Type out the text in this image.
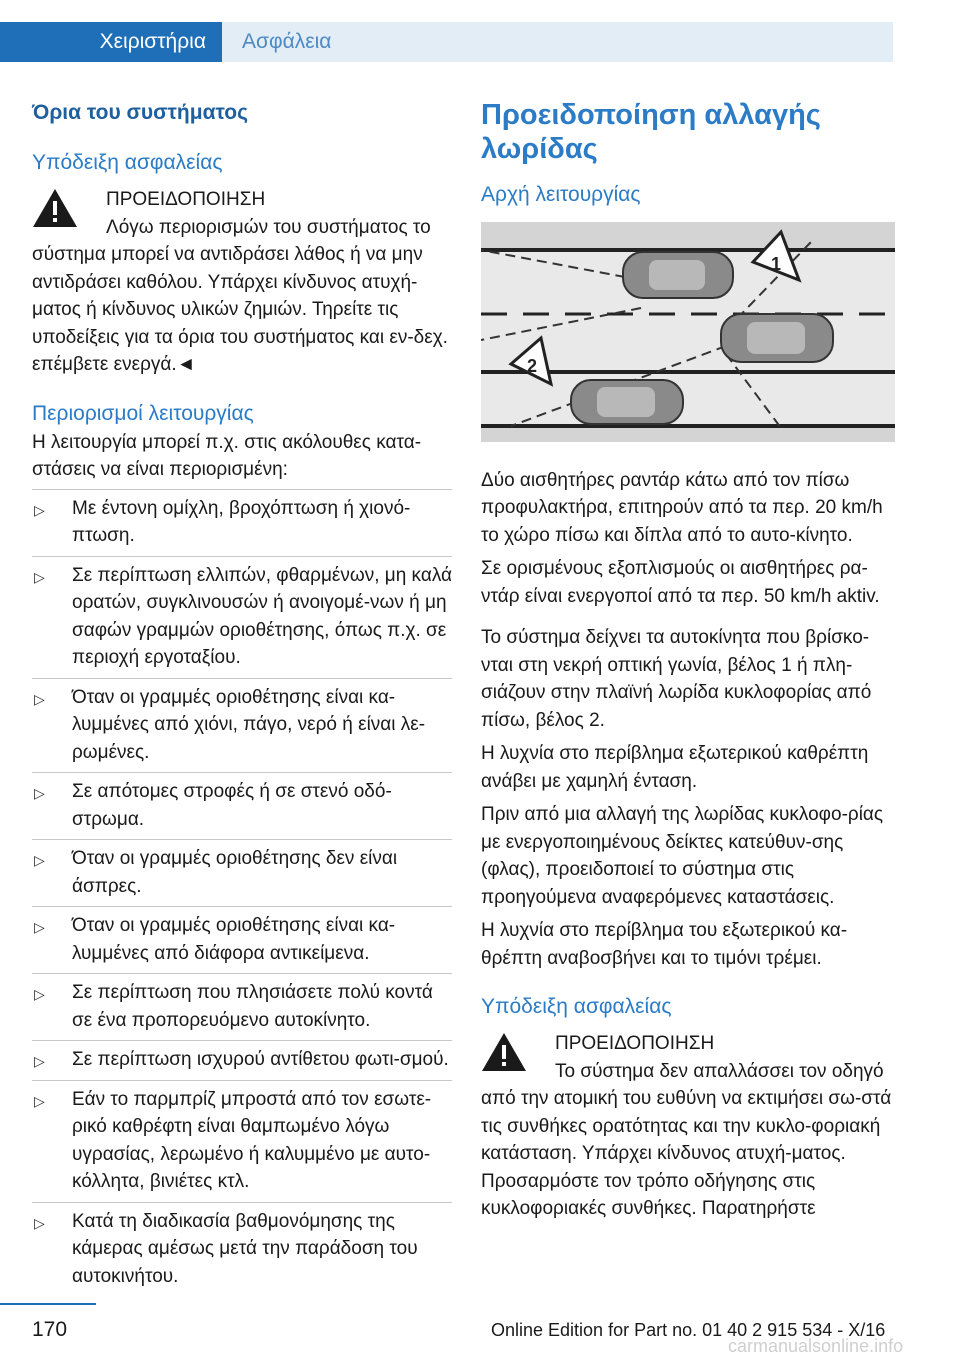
Χειριστήρια	Ασφάλεια
Όρια του συστήματος
Υπόδειξη ασφαλείας

ΠΡΟΕΙΔΟΠΟΙΗΣΗ

Λόγω περιορισμών του συστήματος το

σύστημα μπορεί να αντιδράσει λάθος ή να μην αντιδράσει καθόλου. Υπάρχει κίνδυνος ατυχή-ματος ή κίνδυνος υλικών ζημιών. Τηρείτε τις υποδείξεις για τα όρια του συστήματος και εν-δεχ. επέμβετε ενεργά.◄

Περιορισμοί λειτουργίας

Η λειτουργία μπορεί π.χ. στις ακόλουθες κατα-στάσεις να είναι περιορισμένη:

▷ Με έντονη ομίχλη, βροχόπτωση ή χιονό-πτωση.
▷ Σε περίπτωση ελλιπών, φθαρμένων, μη καλά ορατών, συγκλινουσών ή ανοιγομέ-νων ή μη σαφών γραμμών οριοθέτησης, όπως π.χ. σε περιοχή εργοταξίου.
▷ Όταν οι γραμμές οριοθέτησης είναι κα-λυμμένες από χιόνι, πάγο, νερό ή είναι λε-ρωμένες.
▷ Σε απότομες στροφές ή σε στενό οδό-στρωμα.
▷ Όταν οι γραμμές οριοθέτησης δεν είναι άσπρες.
▷ Όταν οι γραμμές οριοθέτησης είναι κα-λυμμένες από διάφορα αντικείμενα.
▷ Σε περίπτωση που πλησιάσετε πολύ κοντά σε ένα προπορευόμενο αυτοκίνητο.
▷ Σε περίπτωση ισχυρού αντίθετου φωτι-σμού.
▷ Εάν το παρμπρίζ μπροστά από τον εσωτε-ρικό καθρέφτη είναι θαμπωμένο λόγω υγρασίας, λερωμένο ή καλυμμένο με αυτο-κόλλητα, βινιέτες κτλ.
▷ Κατά τη διαδικασία βαθμονόμησης της κάμερας αμέσως μετά την παράδοση του αυτοκινήτου.
Προειδοποίηση αλλαγής λωρίδας
Αρχή λειτουργίας
1
2

Δύο αισθητήρες ραντάρ κάτω από τον πίσω προφυλακτήρα, επιτηρούν από τα περ. 20 km/h το χώρο πίσω και δίπλα από το αυτο-κίνητο.

Σε ορισμένους εξοπλισμούς οι αισθητήρες ρα-ντάρ είναι ενεργοποί από τα περ. 50 km/h aktiv.

Το σύστημα δείχνει τα αυτοκίνητα που βρίσκο-νται στη νεκρή οπτική γωνία, βέλος 1 ή πλη-σιάζουν στην πλαϊνή λωρίδα κυκλοφορίας από πίσω, βέλος 2.

Η λυχνία στο περίβλημα εξωτερικού καθρέπτη ανάβει με χαμηλή ένταση.

Πριν από μια αλλαγή της λωρίδας κυκλοφο-ρίας με ενεργοποιημένους δείκτες κατεύθυν-σης (φλας), προειδοποιεί το σύστημα στις προηγούμενα αναφερόμενες καταστάσεις.

Η λυχνία στο περίβλημα του εξωτερικού κα-θρέπτη αναβοσβήνει και το τιμόνι τρέμει.

Υπόδειξη ασφαλείας

ΠΡΟΕΙΔΟΠΟΙΗΣΗ

Το σύστημα δεν απαλλάσσει τον οδηγό

από την ατομική του ευθύνη να εκτιμήσει σω-στά τις συνθήκες ορατότητας και την κυκλο-φοριακή κατάσταση. Υπάρχει κίνδυνος ατυχή-ματος. Προσαρμόστε τον τρόπο οδήγησης στις κυκλοφοριακές συνθήκες. Παρατηρήστε

170	Online Edition for Part no. 01 40 2 915 534 - X/16
carmanualsonline.info
